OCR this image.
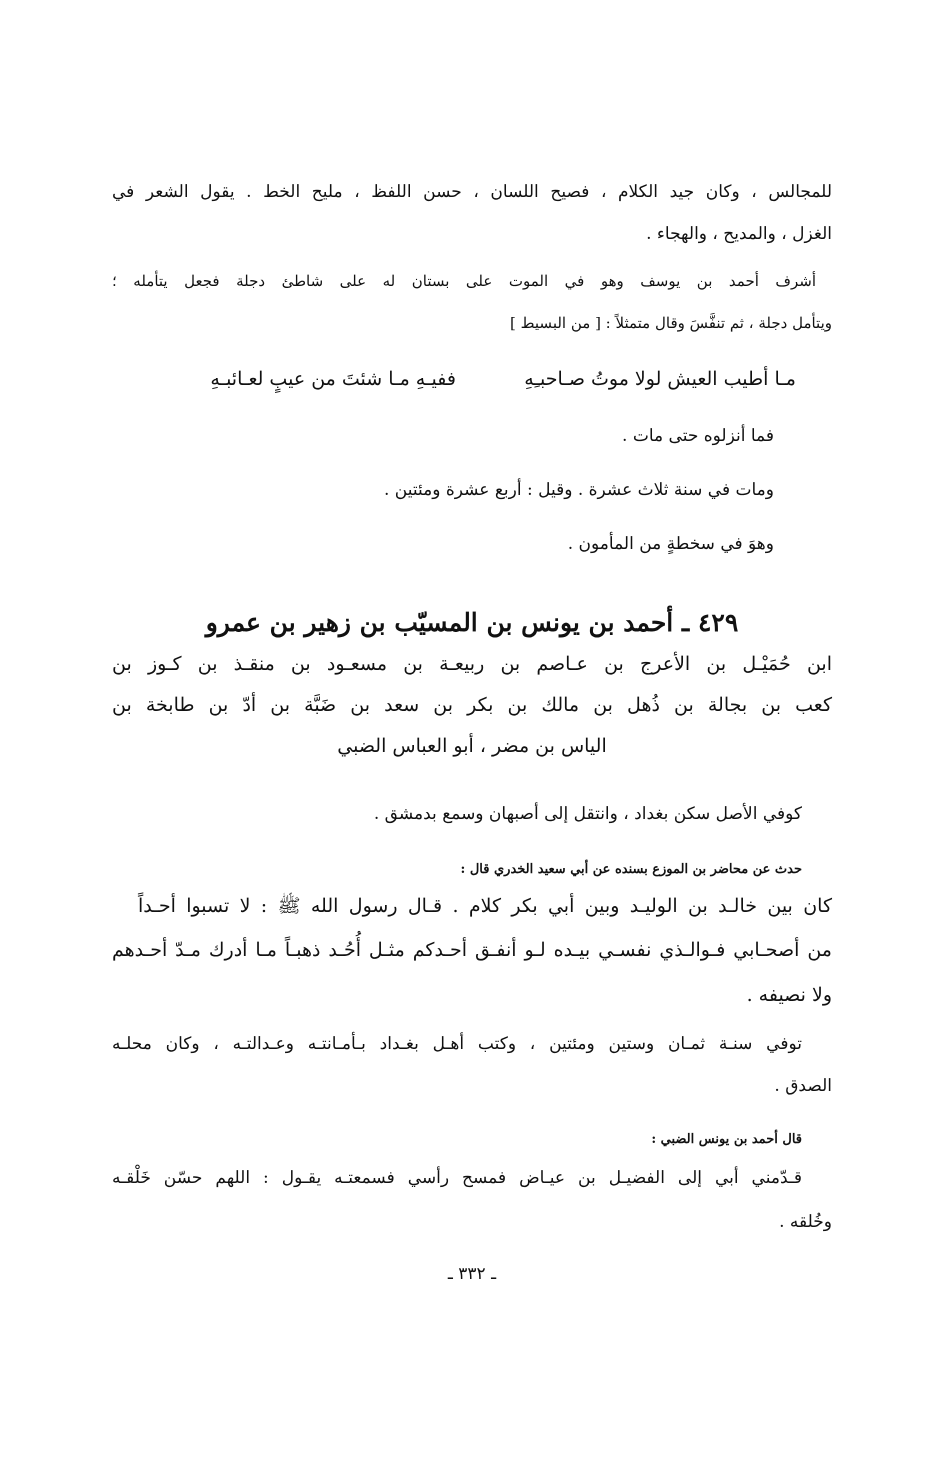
للمجالس ، وكان جيد الكلام ، فصيح اللسان ، حسن اللفظ ، مليح الخط . يقول الشعر في
الغزل ، والمديح ، والهجاء .
أشرف أحمد بن يوسف وهو في الموت على بستان له على شاطئ دجلة فجعل يتأمله ؛
ويتأمل دجلة ، ثم تنفَّسَ وقال متمثلاً : [ من البسيط ]
مـا أطيب العيش لولا موتُ صـاحبـِهِ
ففيـهِ مـا شئتَ من عيبٍ لعـائبـهِ
فما أنزلوه حتى مات .
ومات في سنة ثلاث عشرة . وقيل : أربع عشرة ومئتين .
وهوَ في سخطةٍ من المأمون .
٤٢٩ ـ أحمد بن يونس بن المسيّب بن زهير بن عمرو
ابن حُمَيْـل بن الأعرج بن عـاصم بن ربيعـة بن مسعـود بن منقـذ بن كـوز بن
كعب بن بجالة بن ذُهل بن مالك بن بكر بن سعد بن ضَبَّة بن أدّ بن طابخة بن
الياس بن مضر ، أبو العباس الضبي
كوفي الأصل سكن بغداد ، وانتقل إلى أصبهان وسمع بدمشق .
حدث عن محاضر بن الموزع بسنده عن أبي سعيد الخدري قال :
كان بين خالـد بن الوليـد وبين أبي بكر كلام . قـال رسول الله ﷺ : لا تسبوا أحـداً
من أصحـابي فـوالـذي نفسـي بيـده لـو أنفـق أحـدكم مثـل أُحُـد ذهبـاً مـا أدرك مـدّ أحـدهم
ولا نصيفه .
توفي سنـة ثمـان وستين ومئتين ، وكتب أهـل بغـداد بـأمـانتـه وعـدالتـه ، وكان محلـه
الصدق .
قال أحمد بن يونس الضبي :
قـدّمني أبي إلى الفضيـل بن عيـاض فمسح رأسي فسمعتـه يقـول : اللهم حسّن خَلْقـه
وخُلقه .
ـ ٣٣٢ ـ
